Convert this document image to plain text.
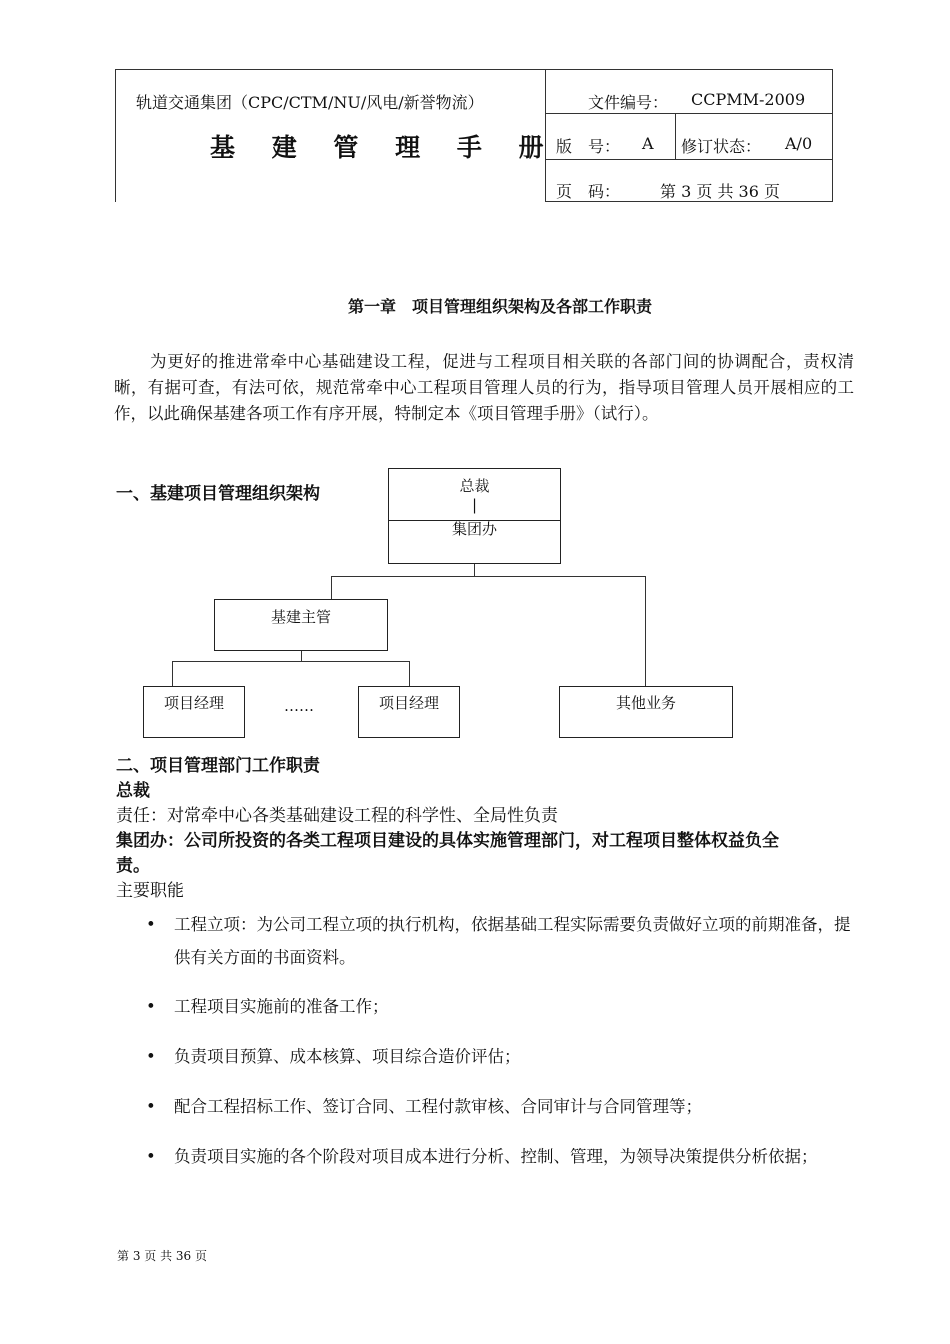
轨道交通集团（CPC/CTM/NU/风电/新誉物流）
基 建 管 理 手 册
文件编号： CCPMM-2009
版　号： A 修订状态： A/0
页　码： 第 3 页 共 36 页
第一章　项目管理组织架构及各部工作职责
为更好的推进常牵中心基础建设工程，促进与工程项目相关联的各部门间的协调配合，责权清晰，有据可查，有法可依，规范常牵中心工程项目管理人员的行为，指导项目管理人员开展相应的工作，以此确保基建各项工作有序开展，特制定本《项目管理手册》（试行）。
一、基建项目管理组织架构	总裁
|
集团办
基建主管
项目经理	……	项目经理	其他业务
二、项目管理部门工作职责
总裁
责任：对常牵中心各类基础建设工程的科学性、全局性负责
集团办：公司所投资的各类工程项目建设的具体实施管理部门，对工程项目整体权益负全
责。
主要职能
• 工程立项：为公司工程立项的执行机构，依据基础工程实际需要负责做好立项的前期准备，提供有关方面的书面资料。
• 工程项目实施前的准备工作；
• 负责项目预算、成本核算、项目综合造价评估；
• 配合工程招标工作、签订合同、工程付款审核、合同审计与合同管理等；
• 负责项目实施的各个阶段对项目成本进行分析、控制、管理，为领导决策提供分析依据；
第 3 页 共 36 页
